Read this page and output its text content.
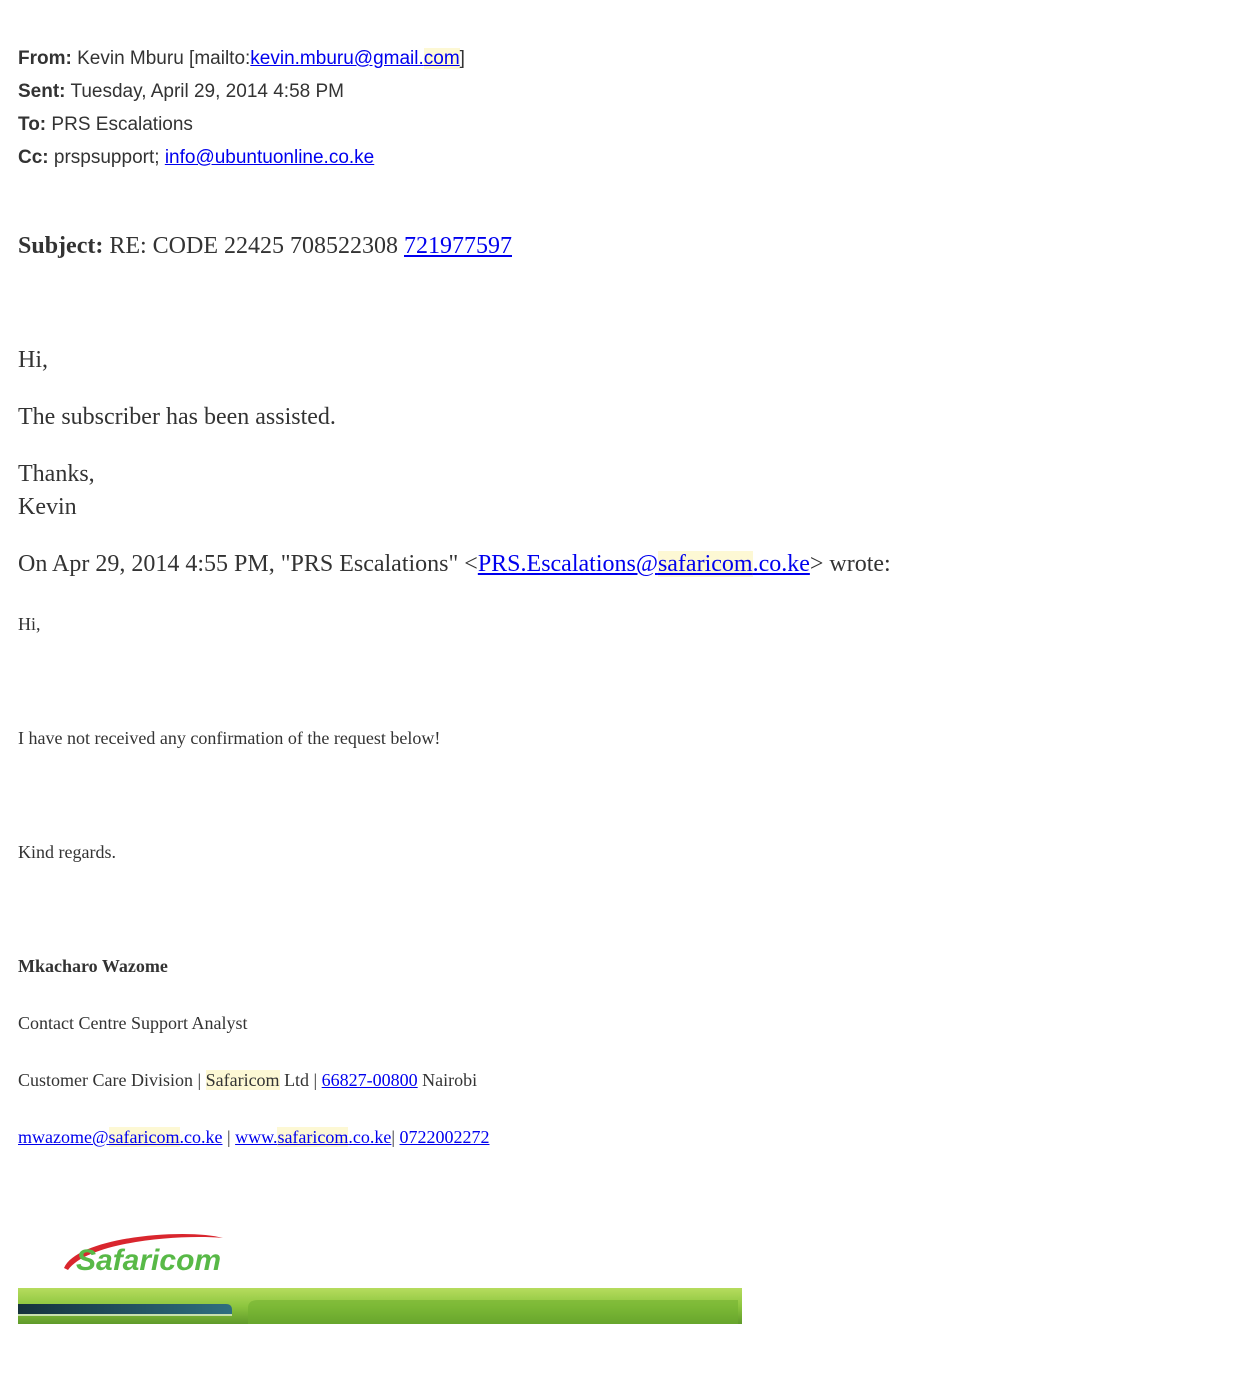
From: Kevin Mburu [mailto:kevin.mburu@gmail.com]
Sent: Tuesday, April 29, 2014 4:58 PM
To: PRS Escalations
Cc: prspsupport; info@ubuntuonline.co.ke
Subject: RE: CODE 22425 708522308 721977597
Hi,
The subscriber has been assisted.
Thanks,
Kevin
On Apr 29, 2014 4:55 PM, "PRS Escalations" <PRS.Escalations@safaricom.co.ke> wrote:
Hi,
I have not received any confirmation of the request below!
Kind regards.
Mkacharo Wazome
Contact Centre Support Analyst
Customer Care Division | Safaricom Ltd | 66827-00800 Nairobi
mwazome@safaricom.co.ke | www.safaricom.co.ke| 0722002272
Safaricom
